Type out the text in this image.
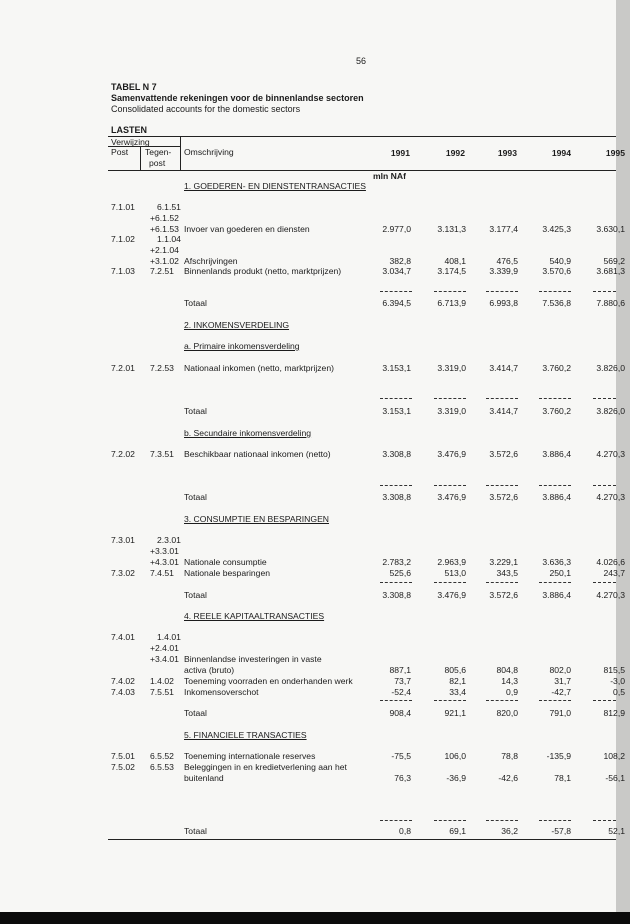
56
TABEL N 7
Samenvattende rekeningen voor de binnenlandse sectoren
Consolidated accounts for the domestic sectors
LASTEN
Verwijzing
Post Tegen-
post
Omschrijving	1991	1992	1993	1994	1995
mln NAf
1. GOEDEREN- EN DIENSTENTRANSACTIES
7.1.01	6.1.51
+6.1.52
+6.1.53 Invoer van goederen en diensten	2.977,0	3.131,3	3.177,4	3.425,3	3.630,1
7.1.02	1.1.04
+2.1.04
+3.1.02 Afschrijvingen	382,8	408,1	476,5	540,9	569,2
7.1.03 7.2.51 Binnenlands produkt (netto, marktprijzen)	3.034,7	3.174,5	3.339,9	3.570,6	3.681,3
Totaal	6.394,5	6.713,9	6.993,8	7.536,8	7.880,6
2. INKOMENSVERDELING
a. Primaire inkomensverdeling
7.2.01 7.2.53 Nationaal inkomen (netto, marktprijzen)	3.153,1	3.319,0	3.414,7	3.760,2	3.826,0
Totaal	3.153,1	3.319,0	3.414,7	3.760,2	3.826,0
b. Secundaire inkomensverdeling
7.2.02 7.3.51 Beschikbaar nationaal inkomen (netto)	3.308,8	3.476,9	3.572,6	3.886,4	4.270,3
Totaal	3.308,8	3.476,9	3.572,6	3.886,4	4.270,3
3. CONSUMPTIE EN BESPARINGEN
7.3.01	2.3.01
+3.3.01
+4.3.01 Nationale consumptie	2.783,2	2.963,9	3.229,1	3.636,3	4.026,6
7.3.02 7.4.51 Nationale besparingen	525,6	513,0	343,5	250,1	243,7
Totaal	3.308,8	3.476,9	3.572,6	3.886,4	4.270,3
4. REELE KAPITAALTRANSACTIES
7.4.01	1.4.01
+2.4.01
+3.4.01 Binnenlandse investeringen in vaste
activa (bruto)	887,1	805,6	804,8	802,0	815,5
7.4.02 1.4.02 Toeneming voorraden en onderhanden werk	73,7	82,1	14,3	31,7	-3,0
7.4.03 7.5.51 Inkomensoverschot	-52,4	33,4	0,9	-42,7	0,5
Totaal	908,4	921,1	820,0	791,0	812,9
5. FINANCIELE TRANSACTIES
7.5.01 6.5.52 Toeneming internationale reserves	-75,5	106,0	78,8	-135,9	108,2
7.5.02 6.5.53 Beleggingen in en kredietverlening aan het
buitenland	76,3	-36,9	-42,6	78,1	-56,1
Totaal	0,8	69,1	36,2	-57,8	52,1
